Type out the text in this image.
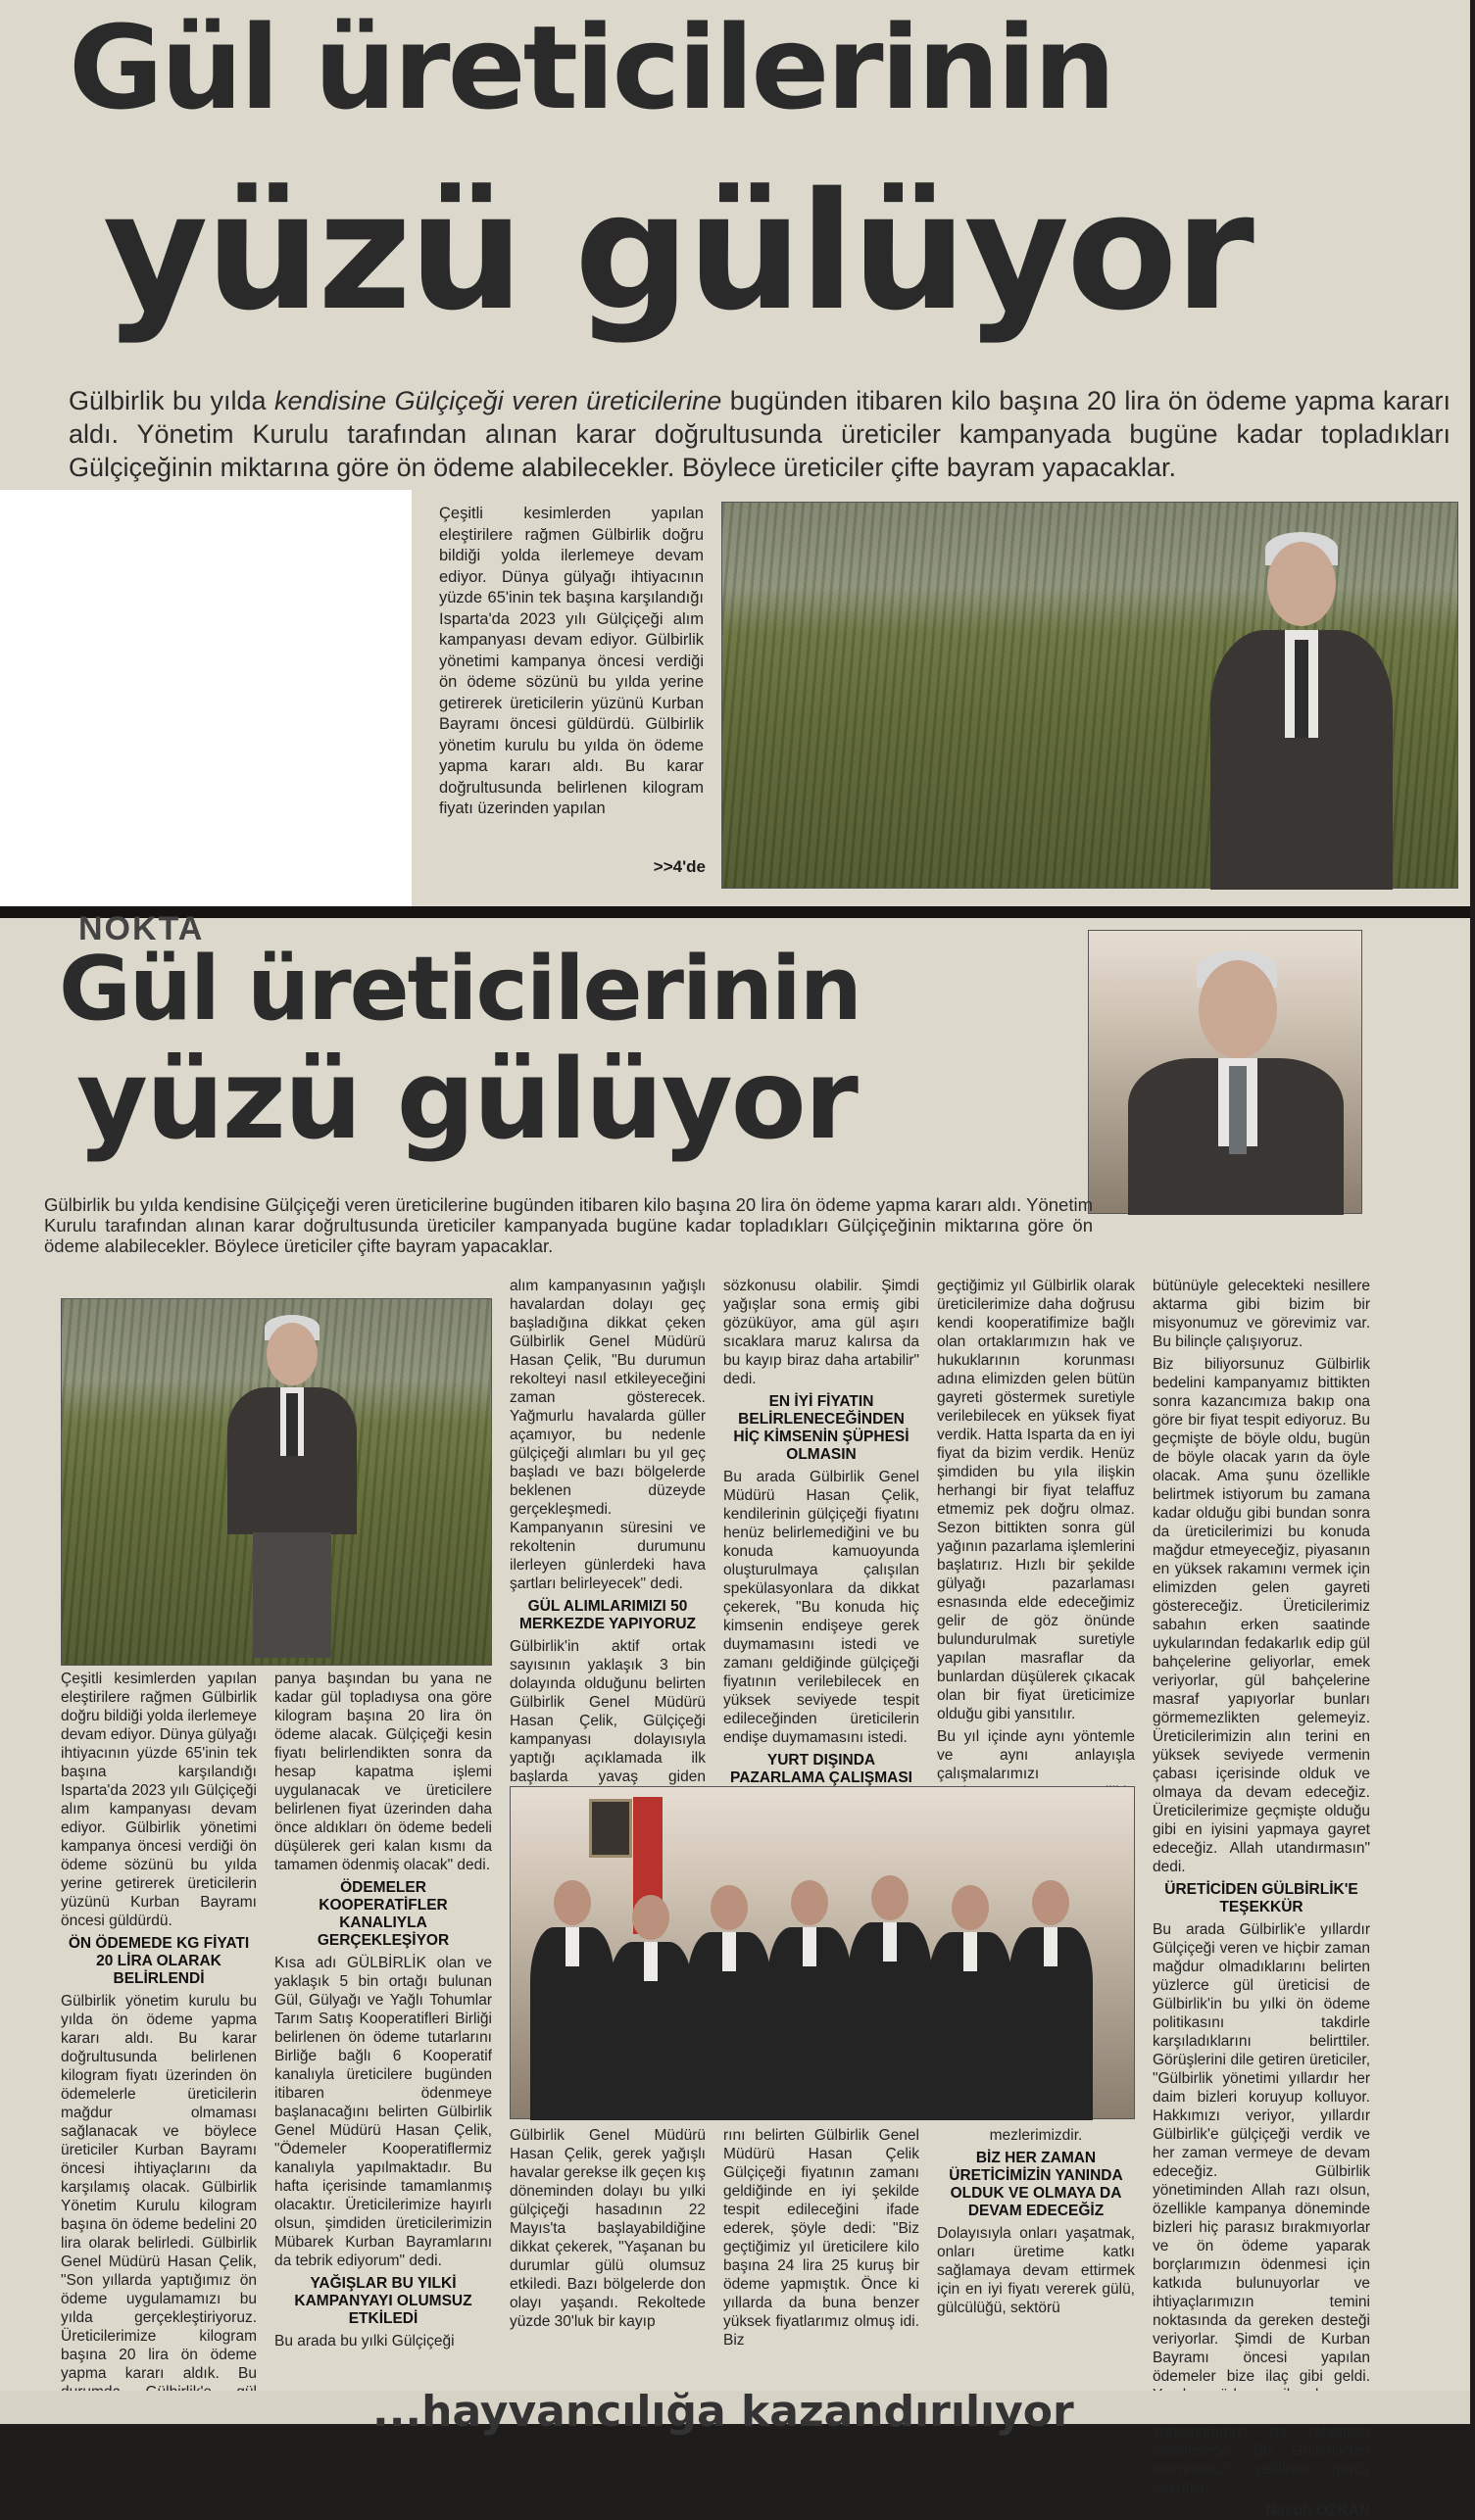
Gül üreticilerinin
yüzü gülüyor
Gülbirlik bu yılda kendisine Gülçiçeği veren üreticilerine bugünden itibaren kilo başına 20 lira ön ödeme yapma kararı aldı. Yönetim Kurulu tarafından alınan karar doğrultusunda üreticiler kampanyada bugüne kadar topladıkları Gülçiçeğinin miktarına göre ön ödeme alabilecekler. Böylece üreticiler çifte bayram yapacaklar.
Çeşitli kesimlerden yapılan eleştirilere rağmen Gülbirlik doğru bildiği yolda ilerlemeye devam ediyor. Dünya gülyağı ihtiyacının yüzde 65'inin tek başına karşılandığı Isparta'da 2023 yılı Gülçiçeği alım kampanyası devam ediyor. Gülbirlik yönetimi kampanya öncesi verdiği ön ödeme sözünü bu yılda yerine getirerek üreticilerin yüzünü Kurban Bayramı öncesi güldürdü. Gülbirlik yönetim kurulu bu yılda ön ödeme yapma kararı aldı. Bu karar doğrultusunda belirlenen kilogram fiyatı üzerinden yapılan
>>4'de
NOKTA
Gül üreticilerinin
yüzü gülüyor
Gülbirlik bu yılda kendisine Gülçiçeği veren üreticilerine bugünden itibaren kilo başına 20 lira ön ödeme yapma kararı aldı. Yönetim Kurulu tarafından alınan karar doğrultusunda üreticiler kampanyada bugüne kadar topladıkları Gülçiçeğinin miktarına göre ön ödeme alabilecekler. Böylece üreticiler çifte bayram yapacaklar.

Çeşitli kesimlerden yapılan eleştirilere rağmen Gülbirlik doğru bildiği yolda ilerlemeye devam ediyor. Dünya gülyağı ihtiyacının yüzde 65'inin tek başına karşılandığı Isparta'da 2023 yılı Gülçiçeği alım kampanyası devam ediyor. Gülbirlik yönetimi kampanya öncesi verdiği ön ödeme sözünü bu yılda yerine getirerek üreticilerin yüzünü Kurban Bayramı öncesi güldürdü.

ÖN ÖDEMEDE KG FİYATI 20 LİRA OLARAK BELİRLENDİ

Gülbirlik yönetim kurulu bu yılda ön ödeme yapma kararı aldı. Bu karar doğrultusunda belirlenen kilogram fiyatı üzerinden ön ödemelerle üreticilerin mağdur olmaması sağlanacak ve böylece üreticiler Kurban Bayramı öncesi ihtiyaçlarını da karşılamış olacak. Gülbirlik Yönetim Kurulu kilogram başına ön ödeme bedelini 20 lira olarak belirledi. Gülbirlik Genel Müdürü Hasan Çelik, "Son yıllarda yaptığımız ön ödeme uygulamamızı bu yılda gerçekleştiriyoruz. Üreticilerimize kilogram başına 20 lira ön ödeme yapma kararı aldık. Bu

panya başından bu yana ne kadar gül topladıysa ona göre kilogram başına 20 lira ön ödeme alacak. Gülçiçeği kesin fiyatı belirlendikten sonra da hesap kapatma işlemi uygulanacak ve üreticilere belirlenen fiyat üzerinden daha önce aldıkları ön ödeme bedeli düşülerek geri kalan kısmı da tamamen ödenmiş olacak" dedi.

ÖDEMELER KOOPERATİFLER KANALIYLA GERÇEKLEŞİYOR

Kısa adı GÜLBİRLİK olan ve yaklaşık 5 bin ortağı bulunan Gül, Gülyağı ve Yağlı Tohumlar Tarım Satış Kooperatifleri Birliği belirlenen ön ödeme tutarlarını Birliğe bağlı 6 Kooperatif kanalıyla üreticilere bugünden itibaren ödenmeye başlanacağını belirten Gülbirlik Genel Müdürü Hasan Çelik, "Ödemeler Kooperatiflermiz kanalıyla yapılmaktadır. Bu hafta içerisinde tamamlanmış olacaktır. Üreticilerimize hayırlı olsun, şimdiden üreticilerimizin Mübarek Kurban Bayramlarını da tebrik ediyorum" dedi.

YAĞIŞLAR BU YILKİ KAMPANYAYI OLUMSUZ ETKİLEDİ

Bu arada bu yılki Gülçiçeği

alım kampanyasının yağışlı havalardan dolayı geç başladığına dikkat çeken Gülbirlik Genel Müdürü Hasan Çelik, "Bu durumun rekolteyi nasıl etkileyeceğini zaman gösterecek. Yağmurlu havalarda güller açamıyor, bu nedenle gülçiçeği alımları bu yıl geç başladı ve bazı bölgelerde beklenen düzeyde gerçekleşmedi. Kampanyanın süresini ve rekoltenin durumunu ilerleyen günlerdeki hava şartları belirleyecek" dedi.

GÜL ALIMLARIMIZI 50 MERKEZDE YAPIYORUZ

Gülbirlik'in aktif ortak sayısının yaklaşık 3 bin dolayında olduğunu belirten Gülbirlik Genel Müdürü Hasan Çelik, Gülçiçeği kampanyası dolayısıyla yaptığı açıklamada ilk başlarda yavaş giden

sözkonusu olabilir. Şimdi yağışlar sona ermiş gibi gözüküyor, ama gül aşırı sıcaklara maruz kalırsa da bu kayıp biraz daha artabilir" dedi.

EN İYİ FİYATIN BELİRLENECEĞİNDEN HİÇ KİMSENİN ŞÜPHESİ OLMASIN

Bu arada Gülbirlik Genel Müdürü Hasan Çelik, kendilerinin gülçiçeği fiyatını henüz belirlemediğini ve bu konuda kamuoyunda oluşturulmaya çalışılan spekülasyonlara da dikkat çekerek, "Bu konuda hiç kimsenin endişeye gerek duymamasını istedi ve zamanı geldiğinde gülçiçeği fiyatının verilebilecek en yüksek seviyede tespit edileceğinden üreticilerin endişe duymamasını istedi.

YURT DIŞINDA PAZARLAMA ÇALIŞMASI

geçtiğimiz yıl Gülbirlik olarak üreticilerimize daha doğrusu kendi kooperatifimize bağlı olan ortaklarımızın hak ve hukuklarının korunması adına elimizden gelen bütün gayreti göstermek suretiyle verilebilecek en yüksek fiyat verdik. Hatta Isparta da en iyi fiyat da bizim verdik. Henüz şimdiden bu yıla ilişkin herhangi bir fiyat telaffuz etmemiz pek doğru olmaz. Sezon bittikten sonra gül yağının pazarlama işlemlerini başlatırız. Hızlı bir şekilde gülyağı pazarlaması esnasında elde edeceğimiz gelir de göz önünde bulundurulmak suretiyle yapılan masraflar da bunlardan düşülerek çıkacak olan bir fiyat üreticimize olduğu gibi yansıtılır.

Bu yıl içinde aynı yöntemle ve aynı anlayışla çalışmalarımızı

bütünüyle gelecekteki nesillere aktarma gibi bizim bir misyonumuz ve görevimiz var. Bu bilinçle çalışıyoruz.

Biz biliyorsunuz Gülbirlik bedelini kampanyamız bittikten sonra kazancımıza bakıp ona göre bir fiyat tespit ediyoruz. Bu geçmişte de böyle oldu, bugün de böyle olacak yarın da öyle olacak. Ama şunu özellikle belirtmek istiyorum bu zamana kadar olduğu gibi bundan sonra da üreticilerimizi bu konuda mağdur etmeyeceğiz, piyasanın en yüksek rakamını vermek için elimizden gelen gayreti göstereceğiz. Üreticilerimiz sabahın erken saatinde uykularından fedakarlık edip gül bahçelerine geliyorlar, emek veriyorlar, gül bahçelerine masraf yapıyorlar bunları görmemezlikten gelemeyiz. Üreticilerimizin alın terini en yüksek seviyede vermenin çabası içerisinde olduk ve olmaya da devam edeceğiz. Üreticilerimize geçmişte olduğu gibi en iyisini yapmaya gayret edeceğiz. Allah utandırmasın" dedi.

ÜRETİCİDEN GÜLBİRLİK'E TEŞEKKÜR

Bu arada Gülbirlik'e yıllardır Gülçiçeği veren ve hiçbir zaman mağdur olmadıklarını belirten yüzlerce gül üreticisi de Gülbirlik'in bu yılki ön ödeme politikasını takdirle karşıladıklarını belirttiler. Görüşlerini dile getiren üreticiler, "Gülbirlik yönetimi yıllardır her daim bizleri koruyup kolluyor. Hakkımızı veriyor, yıllardır Gülbirlik'e gülçiçeği verdik ve her zaman vermeye de devam edeceğiz. Gülbirlik yönetiminden Allah razı olsun, özellikle kampanya döneminde bizleri hiç parasız bırakmıyorlar ve ön ödeme yaparak borçlarımızın ödenmesi için katkıda bulunuyorlar ve ihtiyaçlarımızın temini noktasında da gereken desteği veriyorlar. Şimdi de Kurban Bayramı öncesi yapılan ödemeler bize ilaç gibi geldi. kurbanlığımızı da rahatlıkla alabileceğiz. Biz Gülbirlik'ten memnunuz" şeklinde görüş belirttiler.

Nasuh ÖZKAN

Gülbirlik Genel Müdürü Hasan Çelik, gerek yağışlı havalar gerekse ilk geçen kış döneminden dolayı bu yılki gülçiçeği hasadının 22 Mayıs'ta başlayabildiğine dikkat çekerek, "Yaşanan bu durumlar gülü olumsuz etkiledi. Bazı bölgelerde don olayı yaşandı. Rekoltede yüzde 30'luk bir kayıp

rını belirten Gülbirlik Genel Müdürü Hasan Çelik Gülçiçeği fiyatının zamanı geldiğinde en iyi şekilde tespit edileceğini ifade ederek, şöyle dedi: "Biz geçtiğimiz yıl üreticilere kilo başına 24 lira 25 kuruş bir ödeme yapmıştık. Önce ki yıllarda da buna benzer yüksek fiyatlarımız olmuş idi. Biz

mezlerimizdir.

BİZ HER ZAMAN ÜRETİCİMİZİN YANINDA OLDUK VE OLMAYA DA DEVAM EDECEĞİZ

Dolayısıyla onları yaşatmak, onları üretime katkı sağlamaya devam ettirmek için en iyi fiyatı vererek gülü, gülcülüğü, sektörü

...hayvancılığa kazandırılıyor
